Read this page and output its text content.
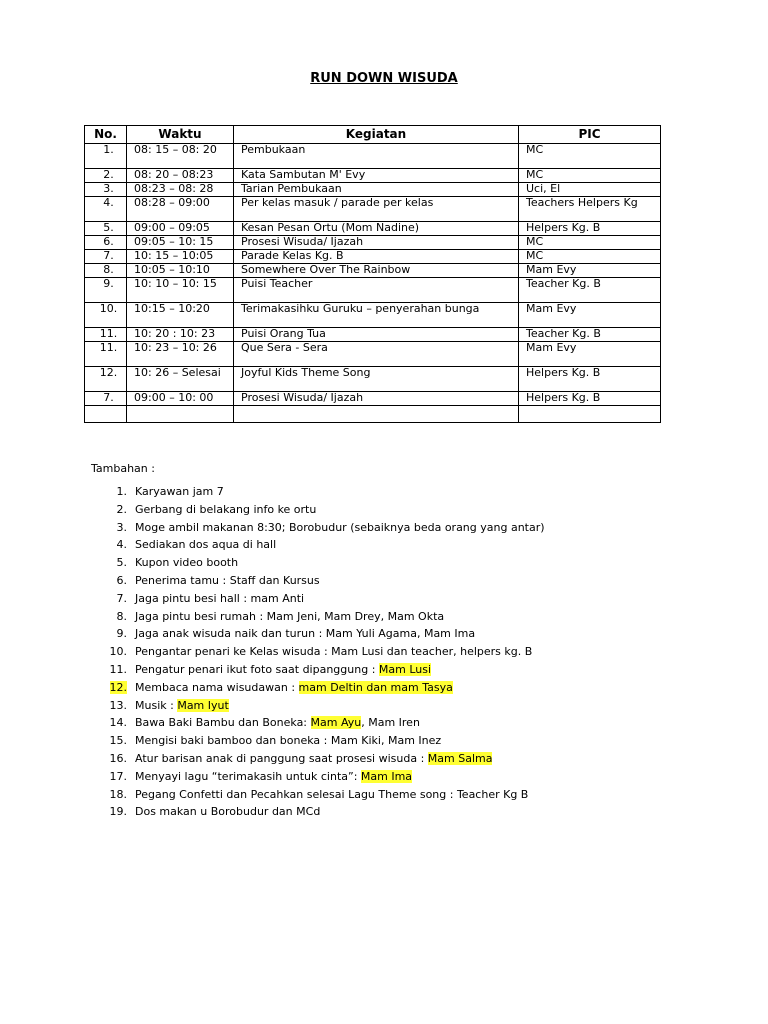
RUN DOWN WISUDA
No.	Waktu	Kegiatan	PIC
1.	08: 15 – 08: 20	Pembukaan	MC
2.	08: 20 – 08:23	Kata Sambutan M' Evy	MC
3.	08:23 – 08: 28	Tarian Pembukaan	Uci, El
4.	08:28 – 09:00	Per kelas masuk / parade per kelas	Teachers Helpers Kg
5.	09:00 – 09:05	Kesan Pesan Ortu (Mom Nadine)	Helpers Kg. B
6.	09:05 – 10: 15	Prosesi Wisuda/ Ijazah	MC
7.	10: 15 – 10:05	Parade Kelas Kg. B	MC
8.	10:05 – 10:10	Somewhere Over The Rainbow	Mam Evy
9.	10: 10 – 10: 15	Puisi Teacher	Teacher Kg. B
10.	10:15 – 10:20	Terimakasihku Guruku – penyerahan bunga	Mam Evy
11.	10: 20 : 10: 23	Puisi Orang Tua	Teacher Kg. B
11.	10: 23 – 10: 26	Que Sera - Sera	Mam Evy
12.	10: 26 – Selesai	Joyful Kids Theme Song	Helpers Kg. B
7.	09:00 – 10: 00	Prosesi Wisuda/ Ijazah	Helpers Kg. B

Tambahan :
1. Karyawan jam 7
2. Gerbang di belakang info ke ortu
3. Moge ambil makanan 8:30; Borobudur (sebaiknya beda orang yang antar)
4. Sediakan dos aqua di hall
5. Kupon video booth
6. Penerima tamu : Staff dan Kursus
7. Jaga pintu besi hall : mam Anti
8. Jaga pintu besi rumah : Mam Jeni, Mam Drey, Mam Okta
9. Jaga anak wisuda naik dan turun : Mam Yuli Agama, Mam Ima
10. Pengantar penari ke Kelas wisuda : Mam Lusi dan teacher, helpers kg. B
11. Pengatur penari ikut foto saat dipanggung : Mam Lusi
12. Membaca nama wisudawan : mam Deltin dan mam Tasya
13. Musik : Mam Iyut
14. Bawa Baki Bambu dan Boneka: Mam Ayu, Mam Iren
15. Mengisi baki bamboo dan boneka : Mam Kiki, Mam Inez
16. Atur barisan anak di panggung saat prosesi wisuda : Mam Salma
17. Menyayi lagu “terimakasih untuk cinta”: Mam Ima
18. Pegang Confetti dan Pecahkan selesai Lagu Theme song : Teacher Kg B
19. Dos makan u Borobudur dan MCd
